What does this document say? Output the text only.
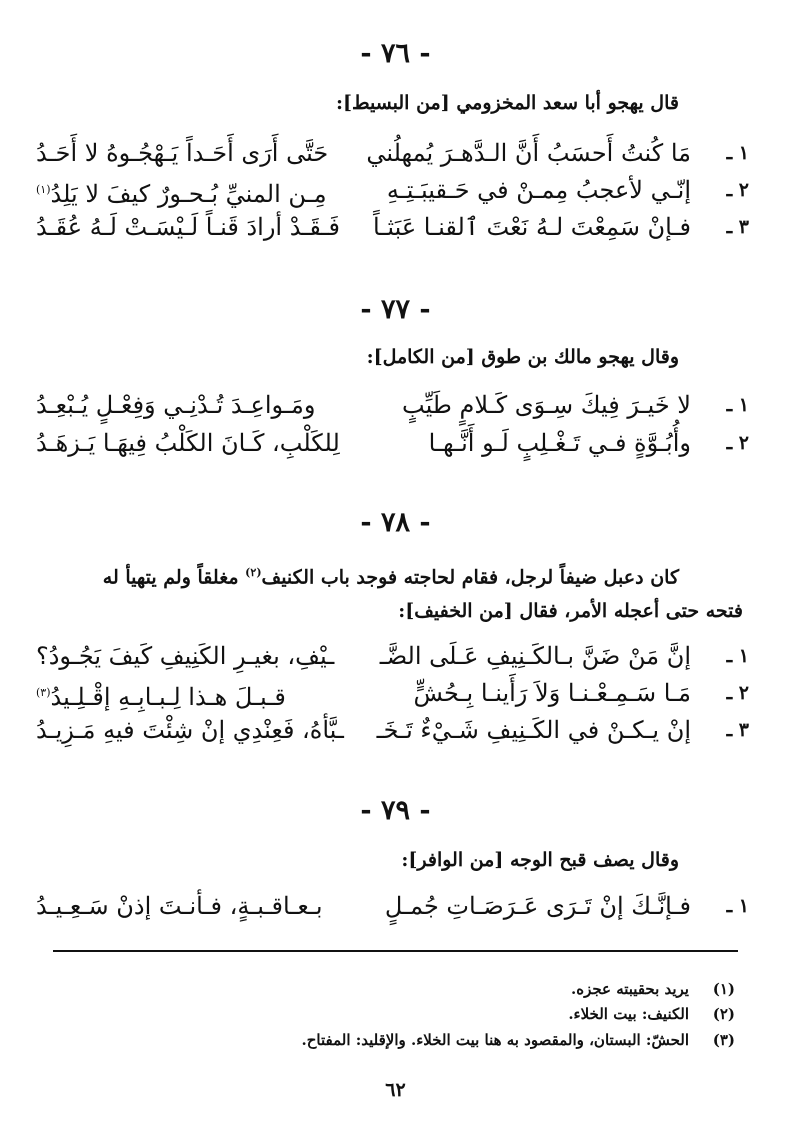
- ٧٦ -
قال يهجو أبا سعد المخزومي [من البسيط]:
١ ـ
مَا كُنتُ أَحسَبُ أَنَّ الـدَّهـرَ يُمهلُني
حَتَّى أَرَى أَحَـداً يَـهْجُـوهُ لا أَحَـدُ
٢ ـ
إنّـي لأعجبُ مِمـنْ في حَـقيبَـتِـهِ
مِـن المنيِّ بُـحـورٌ كيفَ لا يَلِدُ$^{(١)}$
٣ ـ
فـإنْ سَمِعْتَ لـهُ نَعْتَ ٱلقنـا عَبَثـاً
فَـقَـدْ أرادَ قَنـاً لَـيْسَـتْ لَـهُ عُقَـدُ
- ٧٧ -
وقال يهجو مالك بن طوق [من الكامل]:
١ ـ
لا خَيـرَ فِيكَ سِـوَى كَـلامٍ طَيِّبٍ
ومَـواعِـدَ تُـدْنِـي وَفِعْـلٍ يُـبْعِـدُ
٢ ـ
وأُبُـوَّةٍ فـي تَـغْـلِبٍ لَـو أَنَّـهـا
لِلكَلْبِ، كَـانَ الكَلْبُ فِيهَـا يَـزهَـدُ
- ٧٨ -
كان دعبل ضيفاً لرجل، فقام لحاجته فوجد باب الكنيف$^{(٢)}$ مغلقاً ولم يتهيأ له
فتحه حتى أعجله الأمر، فقال [من الخفيف]:
١ ـ
إنَّ مَنْ ضَنَّ بـالكَـنِيفِ عَـلَى الضَّـ
ـيْفِ، بغيـرِ الكَنِيفِ كَيفَ يَجُـودُ؟
٢ ـ
مَـا سَـمِـعْـنـا وَلاَ رَأَينـا بِـحُشٍّ
قـبـلَ هـذا لِـبـابِـهِ إقْـلِـيدُ$^{(٣)}$
٣ ـ
إنْ يـكـنْ في الكَـنِيفِ شَـيْءٌ تَـخَـ
ـبَّأهُ، فَعِنْدِي إنْ شِئْتَ فيهِ مَـزِيـدُ
- ٧٩ -
وقال يصف قبح الوجه [من الوافر]:
١ ـ
فـإنَّـكَ إنْ تَـرَى عَـرَصَـاتِ جُمـلٍ
بـعـاقـبـةٍ، فـأنـتَ إذنْ سَـعِـيـدُ
(١)يريد بحقيبته عجزه.
(٢)الكنيف: بيت الخلاء.
(٣)الحشّ: البستان، والمقصود به هنا بيت الخلاء. والإقليد: المفتاح.
٦٢
